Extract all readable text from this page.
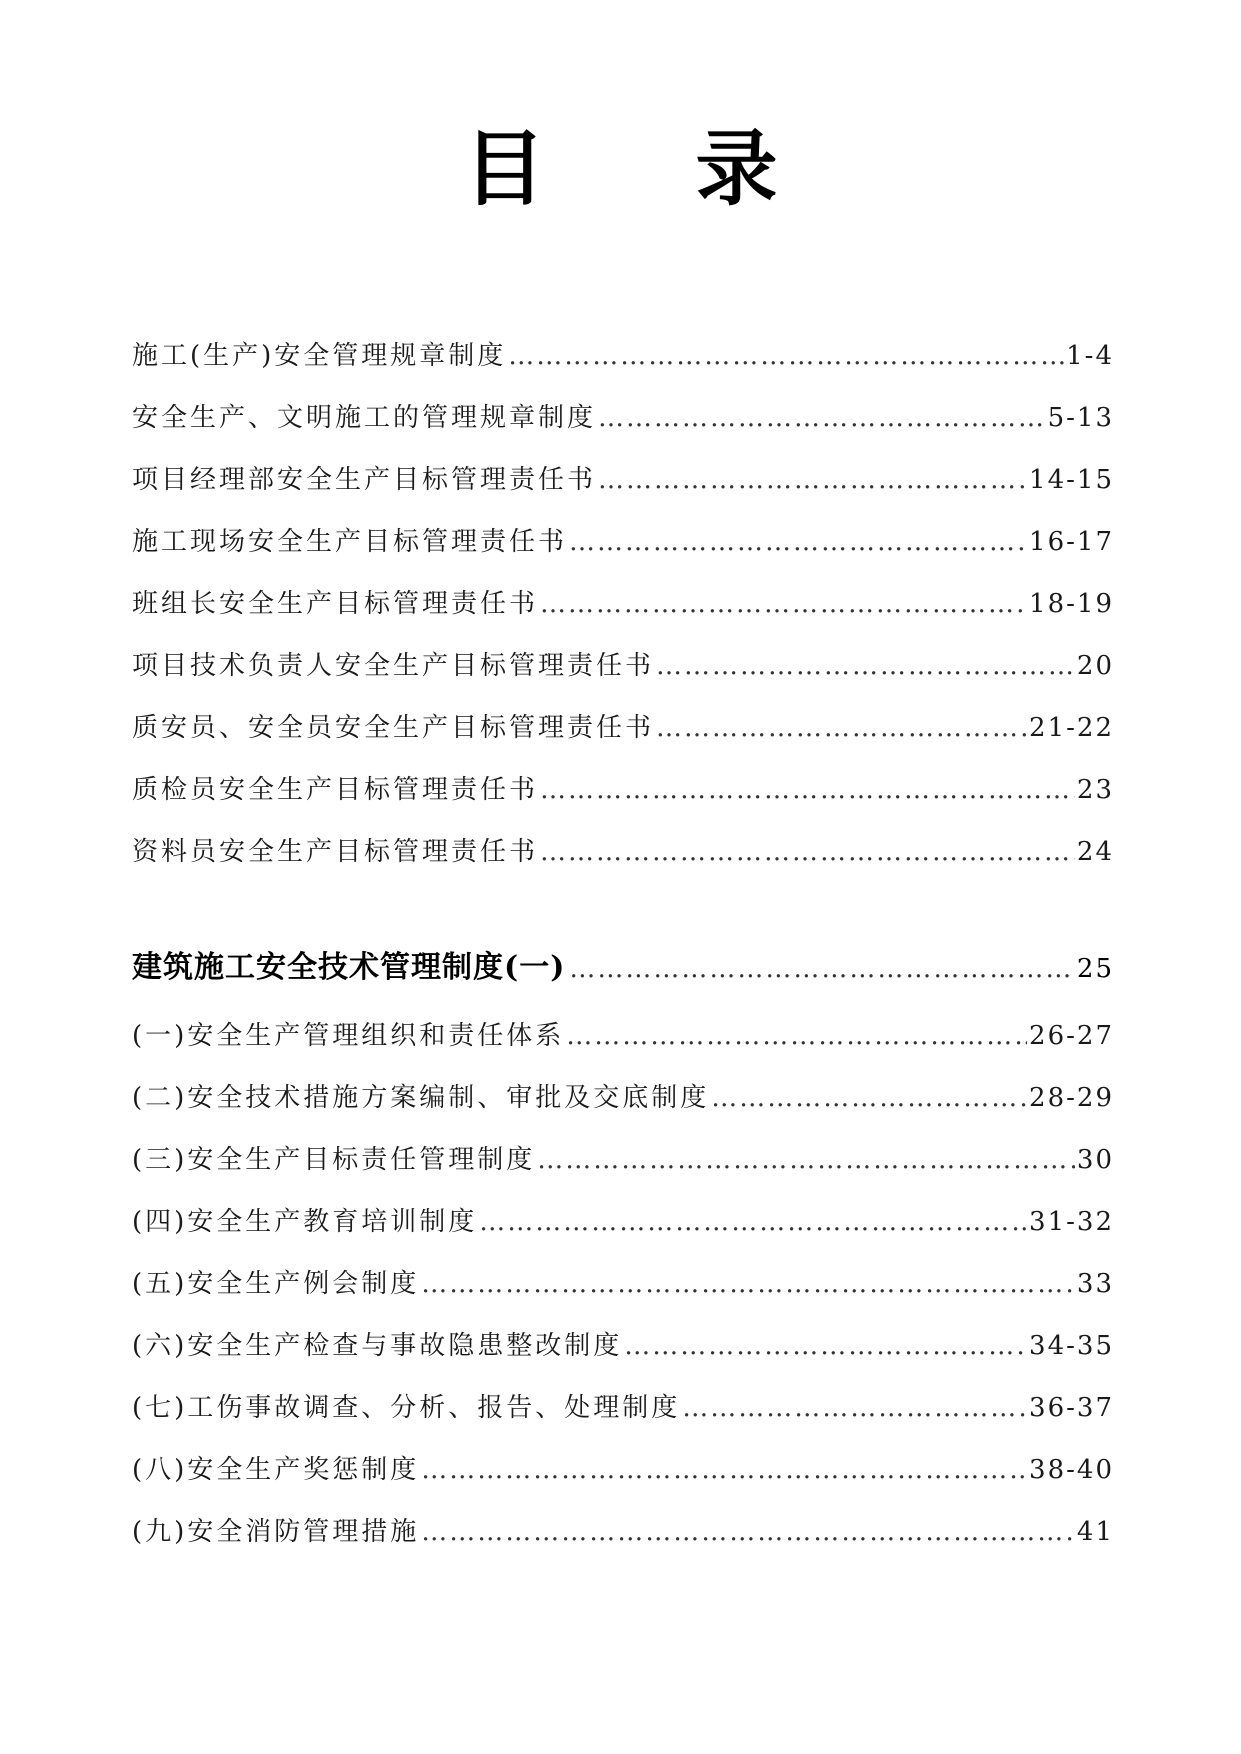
目 录
施工(生产)安全管理规章制度 …………………………………………………………………………………………………………………………………………	1-4
安全生产、文明施工的管理规章制度 …………………………………………………………………………………………………………………………………………	5-13
项目经理部安全生产目标管理责任书 …………………………………………………………………………………………………………………………………………	14-15
施工现场安全生产目标管理责任书 …………………………………………………………………………………………………………………………………………	16-17
班组长安全生产目标管理责任书 …………………………………………………………………………………………………………………………………………	18-19
项目技术负责人安全生产目标管理责任书 …………………………………………………………………………………………………………………………………………	20
质安员、安全员安全生产目标管理责任书 …………………………………………………………………………………………………………………………………………	21-22
质检员安全生产目标管理责任书 …………………………………………………………………………………………………………………………………………	23
资料员安全生产目标管理责任书 …………………………………………………………………………………………………………………………………………	24
建筑施工安全技术管理制度(一) …………………………………………………………………………………………………………………………………………	25
(一)安全生产管理组织和责任体系 …………………………………………………………………………………………………………………………………………	26-27
(二)安全技术措施方案编制、审批及交底制度 …………………………………………………………………………………………………………………………………………	28-29
(三)安全生产目标责任管理制度 …………………………………………………………………………………………………………………………………………	30
(四)安全生产教育培训制度 …………………………………………………………………………………………………………………………………………	31-32
(五)安全生产例会制度 …………………………………………………………………………………………………………………………………………	33
(六)安全生产检查与事故隐患整改制度 …………………………………………………………………………………………………………………………………………	34-35
(七)工伤事故调查、分析、报告、处理制度 …………………………………………………………………………………………………………………………………………	36-37
(八)安全生产奖惩制度 …………………………………………………………………………………………………………………………………………	38-40
(九)安全消防管理措施 …………………………………………………………………………………………………………………………………………	41
